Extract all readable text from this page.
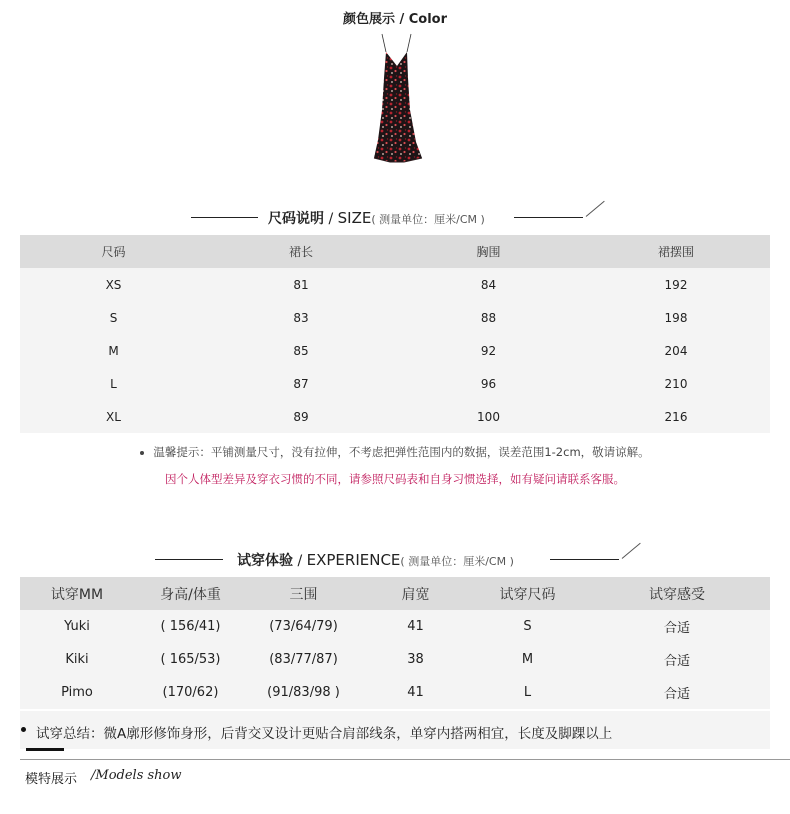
颜色展示 / Color
尺码说明 / SIZE( 测量单位：厘米/CM )
尺码	裙长	胸围	裙摆围
XS	81	84	192
S	83	88	198
M	85	92	204
L	87	96	210
XL	89	100	216
温馨提示：平铺测量尺寸，没有拉伸，不考虑把弹性范围内的数据，误差范围1-2cm，敬请谅解。
因个人体型差异及穿衣习惯的不同，请参照尺码表和自身习惯选择，如有疑问请联系客服。
试穿体验 / EXPERIENCE( 测量单位：厘米/CM )
试穿MM	身高/体重	三围	肩宽	试穿尺码	试穿感受
Yuki	( 156/41)	(73/64/79)	41	S	合适
Kiki	( 165/53)	(83/77/87)	38	M	合适
Pimo	(170/62)	(91/83/98 )	41	L	合适
试穿总结：微A廓形修饰身形，后背交叉设计更贴合肩部线条，单穿内搭两相宜，长度及脚踝以上
模特展示 /Models show
